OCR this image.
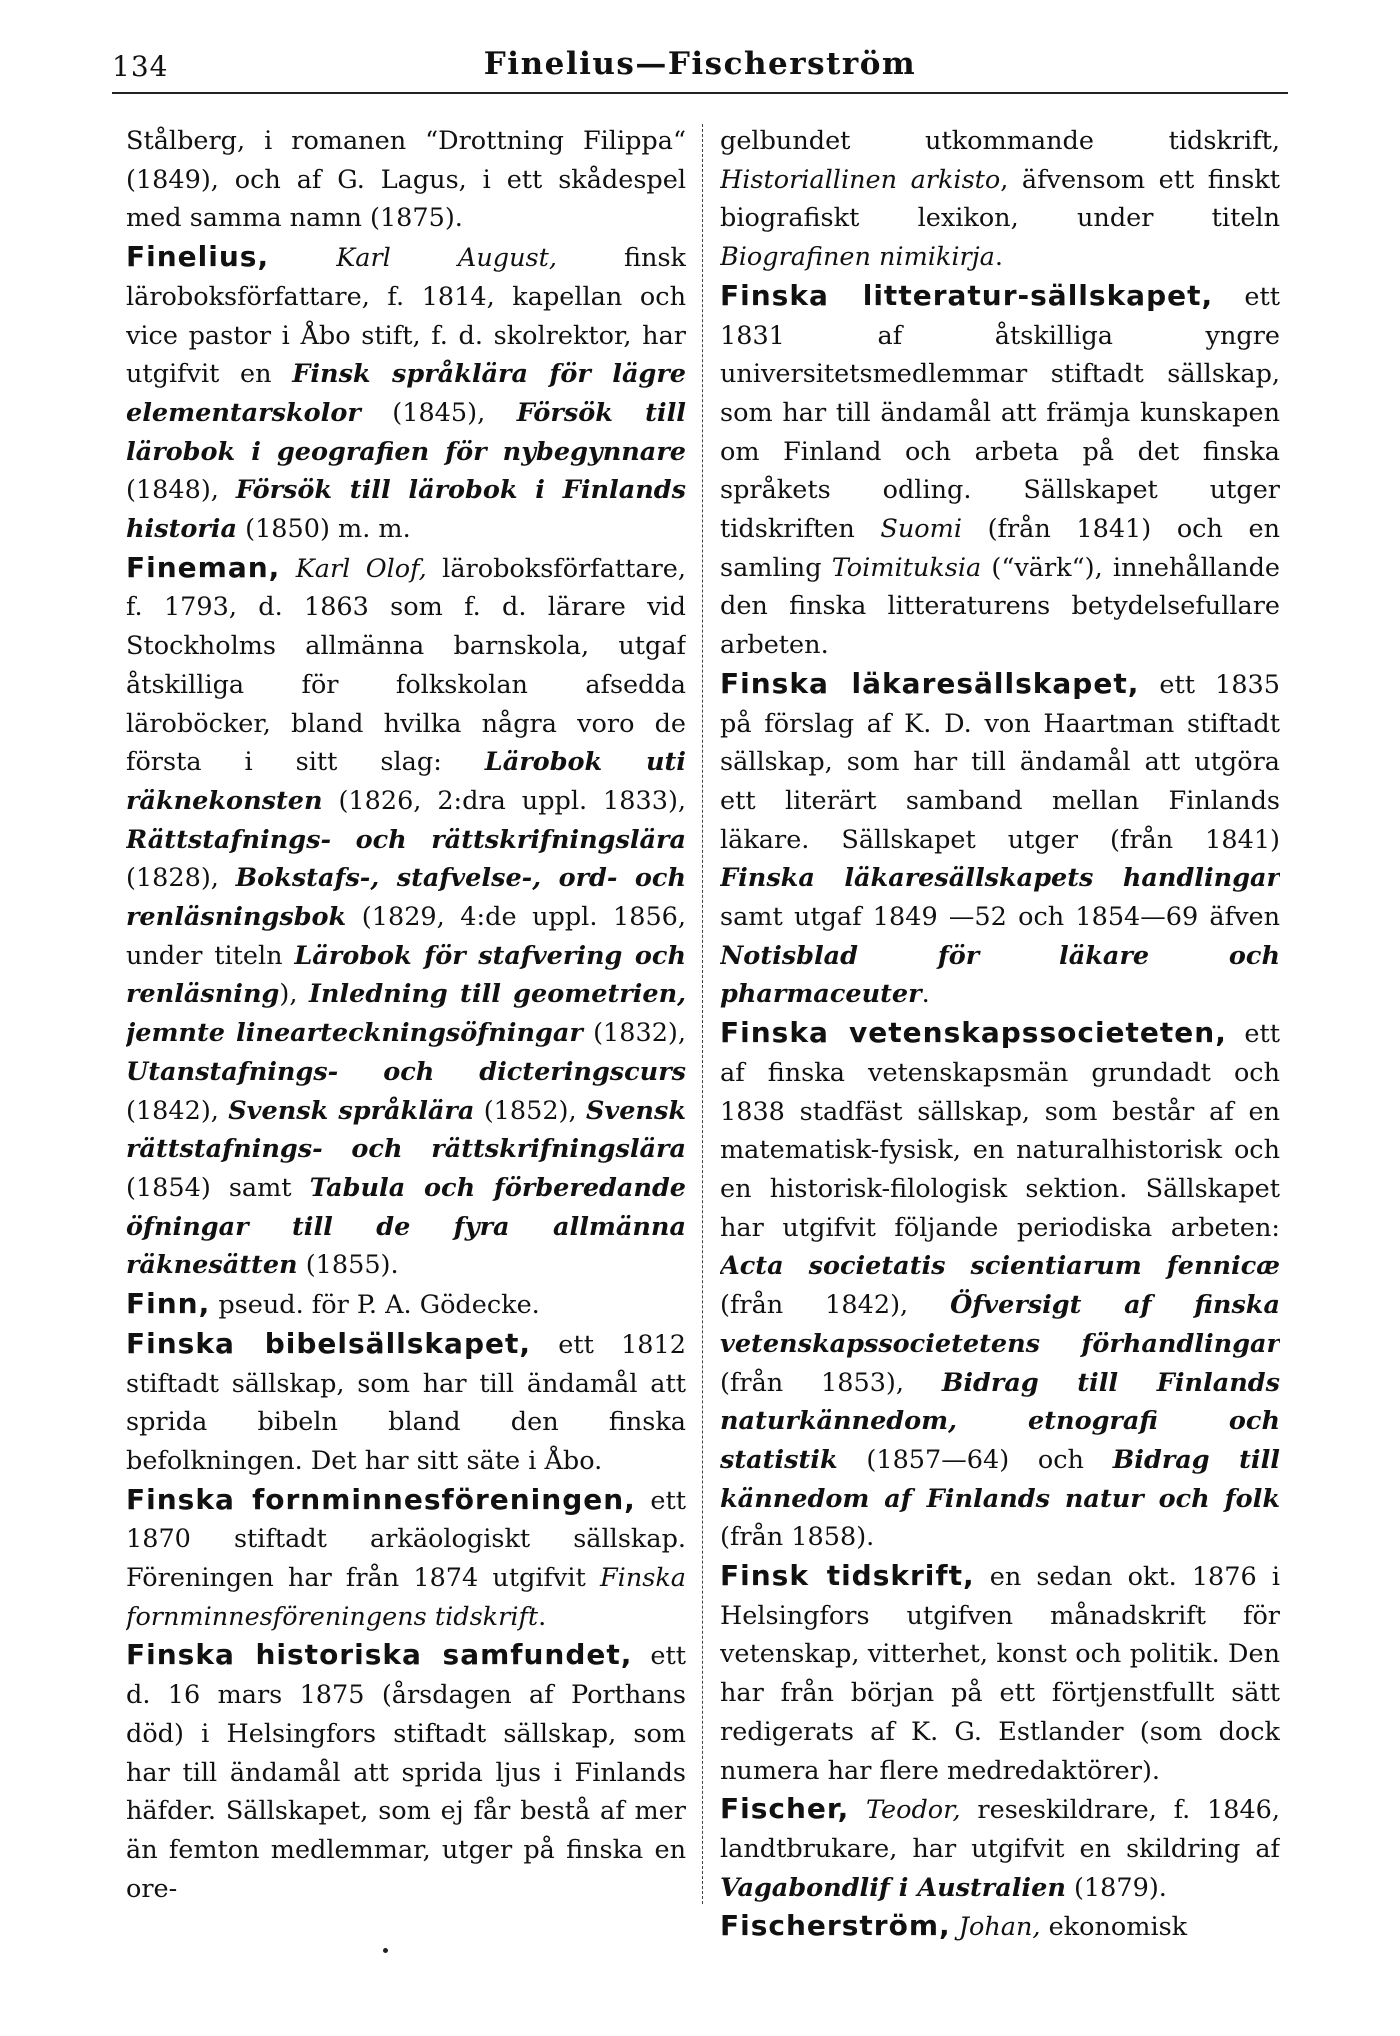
134	Finelius—Fischerström

Stålberg, i romanen “Drottning Filippa“ (1849), och af G. Lagus, i ett skådespel med samma namn (1875).

Finelius,	Karl August, finsk läroboksförfattare, f. 1814, kapellan och vice pastor i Åbo stift, f. d. skolrektor, har utgifvit en Finsk språklära för lägre elementarskolor (1845), Försök till lärobok i geografien för nybegynnare (1848), Försök till lärobok i Finlands historia (1850) m. m.

Fineman, Karl Olof, läroboksförfattare, f. 1793, d. 1863 som f. d. lärare vid Stockholms allmänna barnskola, utgaf åtskilliga för folkskolan afsedda läroböcker, bland hvilka några voro de första i sitt slag: Lärobok uti räknekonsten (1826, 2:dra uppl. 1833), Rättstafnings- och rättskrifningslära (1828), Bokstafs-, stafvelse-, ord- och renläsningsbok (1829, 4:de uppl. 1856, under titeln Lärobok för stafvering och renläsning), Inledning till geometrien, jemnte linearteckningsöfningar (1832), Utanstafnings- och dicteringscurs (1842), Svensk språklära (1852), Svensk rättstafnings- och rättskrifningslära (1854) samt Tabula och förberedande öfningar till de fyra allmänna räknesätten (1855).

Finn, pseud. för P. A. Gödecke.

Finska bibelsällskapet, ett 1812 stiftadt sällskap, som har till ändamål att sprida bibeln bland den finska befolkningen. Det har sitt säte i Åbo.

Finska fornminnesföreningen, ett 1870 stiftadt arkäologiskt sällskap. Föreningen har från 1874 utgifvit Finska fornminnesföreningens tidskrift.

Finska historiska samfundet, ett d. 16 mars 1875 (årsdagen af Porthans död) i Helsingfors stiftadt sällskap, som har till ändamål att sprida ljus i Finlands häfder. Sällskapet, som ej får bestå af mer än femton medlemmar, utger på finska en ore-

gelbundet utkommande tidskrift, Historiallinen arkisto, äfvensom ett finskt biografiskt lexikon, under titeln Biografinen nimikirja.

Finska litteratur-sällskapet, ett 1831 af åtskilliga yngre universitetsmedlemmar stiftadt sällskap, som har till ändamål att främja kunskapen om Finland och arbeta på det finska språkets odling. Sällskapet utger tidskriften Suomi (från 1841) och en samling Toimituksia (“värk“), innehållande den finska litteraturens betydelsefullare arbeten.

Finska läkaresällskapet, ett 1835 på förslag af K. D. von Haartman stiftadt sällskap, som har till ändamål att utgöra ett literärt samband mellan Finlands läkare. Sällskapet utger (från 1841) Finska läkaresällskapets handlingar samt utgaf 1849 —52 och 1854—69 äfven Notisblad för läkare och pharmaceuter.

Finska vetenskapssocieteten, ett af finska vetenskapsmän grundadt och 1838 stadfäst sällskap, som består af en matematisk-fysisk, en naturalhistorisk och en historisk-filologisk sektion. Sällskapet har utgifvit följande periodiska arbeten: Acta societatis scientiarum fennicæ (från 1842), Öfversigt af finska vetenskapssocietetens förhandlingar (från 1853), Bidrag till Finlands naturkännedom, etnografi och statistik (1857—64) och Bidrag till kännedom af Finlands natur och folk (från 1858).

Finsk tidskrift, en sedan okt. 1876 i Helsingfors utgifven månadskrift för vetenskap, vitterhet, konst och politik. Den har från början på ett förtjenstfullt sätt redigerats af K. G. Estlander (som dock numera har flere medredaktörer).

Fischer, Teodor, reseskildrare, f. 1846, landtbrukare, har utgifvit en skildring af Vagabondlif i Australien (1879).

Fischerström, Johan, ekonomisk
